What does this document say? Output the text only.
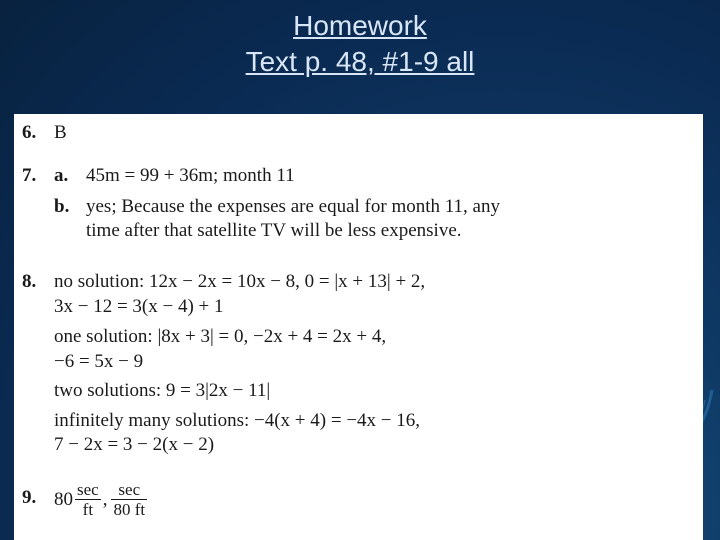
Homework
Text p. 48, #1-9 all
6. B
7. a. 45m = 99 + 36m; month 11
b. yes; Because the expenses are equal for month 11, any
time after that satellite TV will be less expensive.
8. no solution: 12x − 2x = 10x − 8, 0 = |x + 13| + 2,
3x − 12 = 3(x − 4) + 1
one solution: |8x + 3| = 0, −2x + 4 = 2x + 4,
−6 = 5x − 9
two solutions: 9 = 3|2x − 11|
infinitely many solutions: −4(x + 4) = −4x − 16,
7 − 2x = 3 − 2(x − 2)
9. $80 \frac{\sec}{ft}$ , $\frac{\sec}{80 ft}$
